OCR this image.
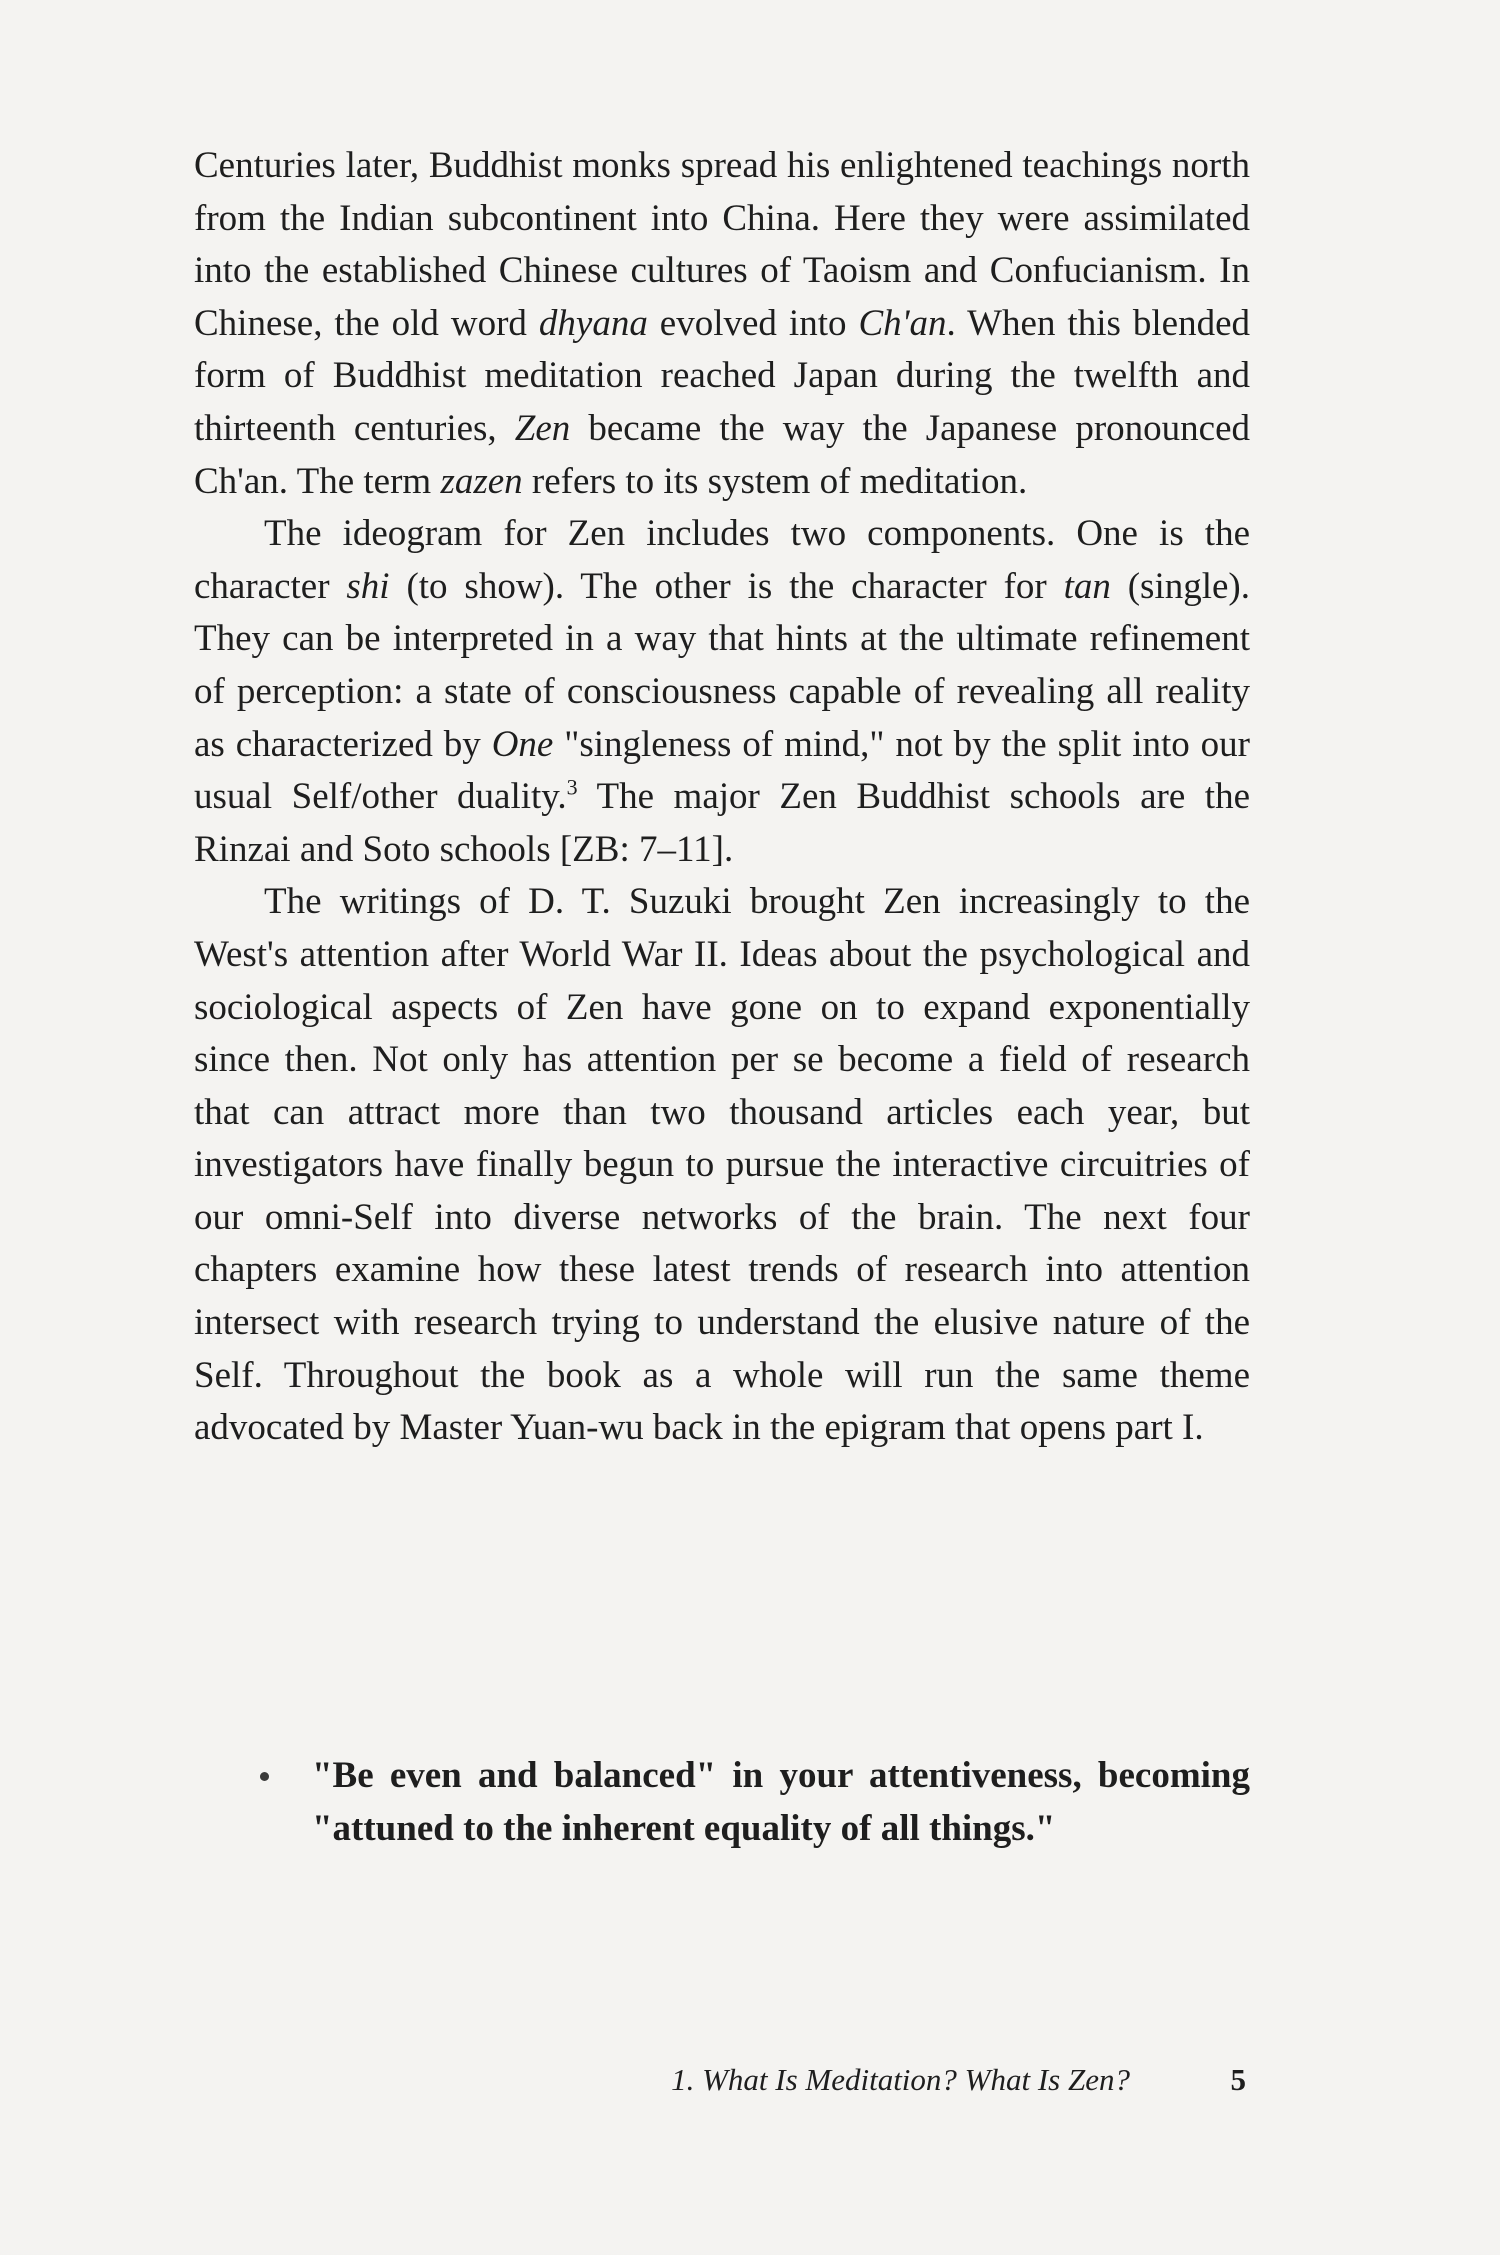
Centuries later, Buddhist monks spread his enlightened teachings north from the Indian subcontinent into China. Here they were assimilated into the established Chinese cultures of Taoism and Confucianism. In Chinese, the old word dhyana evolved into Ch'an. When this blended form of Buddhist meditation reached Japan during the twelfth and thirteenth centuries, Zen became the way the Japanese pronounced Ch'an. The term zazen refers to its system of meditation.

The ideogram for Zen includes two components. One is the character shi (to show). The other is the character for tan (single). They can be interpreted in a way that hints at the ultimate refinement of perception: a state of consciousness capable of revealing all reality as characterized by One "singleness of mind," not by the split into our usual Self/other duality.$^3$ The major Zen Buddhist schools are the Rinzai and Soto schools [ZB: 7–11].

The writings of D. T. Suzuki brought Zen increasingly to the West's attention after World War II. Ideas about the psychological and sociological aspects of Zen have gone on to expand exponentially since then. Not only has attention per se become a field of research that can attract more than two thousand articles each year, but investigators have finally begun to pursue the interactive circuitries of our omni-Self into diverse networks of the brain. The next four chapters examine how these latest trends of research into attention intersect with research trying to understand the elusive nature of the Self. Throughout the book as a whole will run the same theme advocated by Master Yuan-wu back in the epigram that opens part I.

"Be even and balanced" in your attentiveness, becoming "attuned to the inherent equality of all things."
1. What Is Meditation? What Is Zen?	5
